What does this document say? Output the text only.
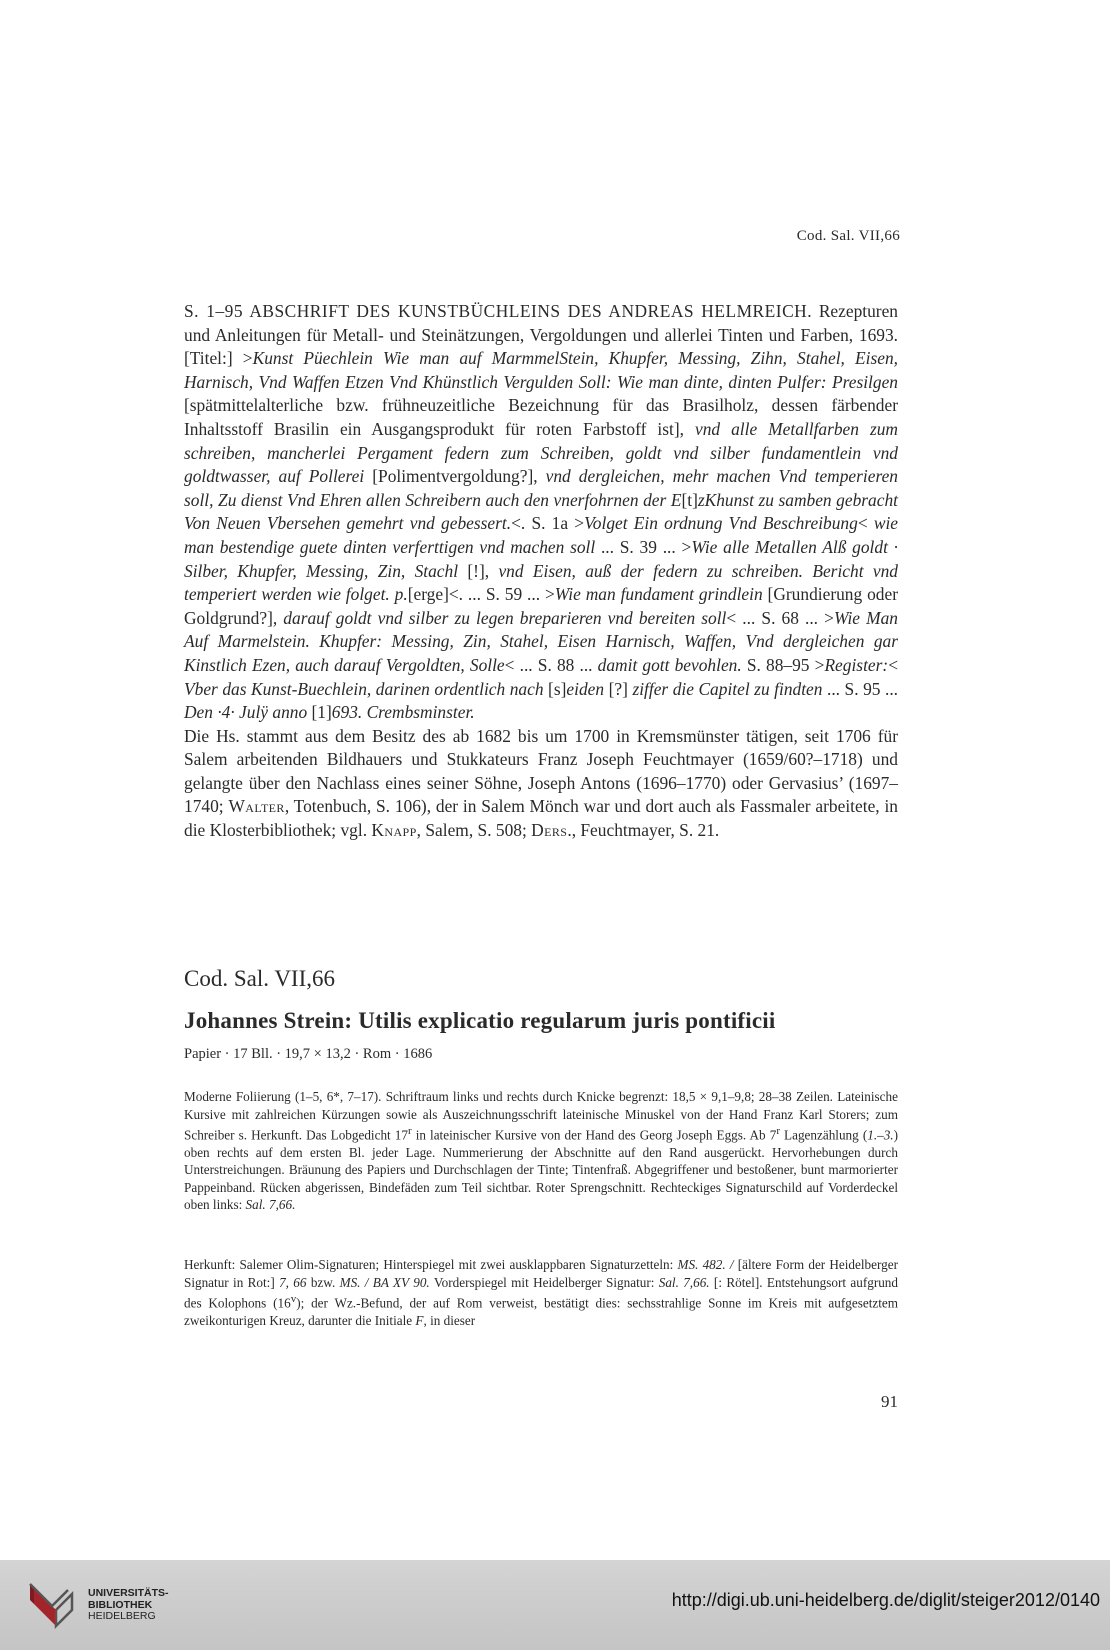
Cod. Sal. VII,66

S. 1–95 ABSCHRIFT DES KUNSTBÜCHLEINS DES ANDREAS HELMREICH. Rezepturen und Anleitungen für Metall- und Steinätzungen, Vergoldungen und allerlei Tinten und Farben, 1693. [Titel:] >Kunst Püechlein Wie man auf MarmmelStein, Khupfer, Messing, Zihn, Stahel, Eisen, Harnisch, Vnd Waffen Etzen Vnd Khünstlich Vergulden Soll: Wie man dinte, dinten Pulfer: Presilgen [spätmittelalterliche bzw. frühneuzeitliche Bezeichnung für das Brasilholz, dessen färbender Inhaltsstoff Brasilin ein Ausgangsprodukt für roten Farbstoff ist], vnd alle Metallfarben zum schreiben, mancherlei Pergament federn zum Schreiben, goldt vnd silber fundamentlein vnd goldtwasser, auf Pollerei [Polimentvergoldung?], vnd dergleichen, mehr machen Vnd temperieren soll, Zu dienst Vnd Ehren allen Schreibern auch den vnerfohrnen der E[t]zKhunst zu samben gebracht Von Neuen Vbersehen gemehrt vnd gebessert.<. S. 1a >Volget Ein ordnung Vnd Beschreibung< wie man bestendige guete dinten verferttigen vnd machen soll ... S. 39 ... >Wie alle Metallen Alß goldt · Silber, Khupfer, Messing, Zin, Stachl [!], vnd Eisen, auß der federn zu schreiben. Bericht vnd temperiert werden wie folget. p.[erge]<. ... S. 59 ... >Wie man fundament grindlein [Grundierung oder Goldgrund?], darauf goldt vnd silber zu legen breparieren vnd bereiten soll< ... S. 68 ... >Wie Man Auf Marmelstein. Khupfer: Messing, Zin, Stahel, Eisen Harnisch, Waffen, Vnd dergleichen gar Kinstlich Ezen, auch darauf Vergoldten, Solle< ... S. 88 ... damit gott bevohlen. S. 88–95 >Register:< Vber das Kunst-Buechlein, darinen ordentlich nach [s]eiden [?] ziffer die Capitel zu findten ... S. 95 ... Den ·4· Julÿ anno [1]693. Crembsminster.

Die Hs. stammt aus dem Besitz des ab 1682 bis um 1700 in Kremsmünster tätigen, seit 1706 für Salem arbeitenden Bildhauers und Stukkateurs Franz Joseph Feuchtmayer (1659/60?–1718) und gelangte über den Nachlass eines seiner Söhne, Joseph Antons (1696–1770) oder Gervasius’ (1697–1740; Walter, Totenbuch, S. 106), der in Salem Mönch war und dort auch als Fassmaler arbeitete, in die Klosterbibliothek; vgl. Knapp, Salem, S. 508; Ders., Feuchtmayer, S. 21.

Cod. Sal. VII,66
Johannes Strein: Utilis explicatio regularum juris pontificii
Papier · 17 Bll. · 19,7 × 13,2 · Rom · 1686

Moderne Foliierung (1–5, 6*, 7–17). Schriftraum links und rechts durch Knicke begrenzt: 18,5 × 9,1–9,8; 28–38 Zeilen. Lateinische Kursive mit zahlreichen Kürzungen sowie als Auszeichnungsschrift lateinische Minuskel von der Hand Franz Karl Storers; zum Schreiber s. Herkunft. Das Lobgedicht 17$^r$ in lateinischer Kursive von der Hand des Georg Joseph Eggs. Ab 7$^r$ Lagenzählung (1.–3.) oben rechts auf dem ersten Bl. jeder Lage. Nummerierung der Abschnitte auf den Rand ausgerückt. Hervorhebungen durch Unterstreichungen. Bräunung des Papiers und Durchschlagen der Tinte; Tintenfraß. Abgegriffener und bestoßener, bunt marmorierter Pappeinband. Rücken abgerissen, Bindefäden zum Teil sichtbar. Roter Sprengschnitt. Rechteckiges Signaturschild auf Vorderdeckel oben links: Sal. 7,66.

Herkunft: Salemer Olim-Signaturen; Hinterspiegel mit zwei ausklappbaren Signaturzetteln: MS. 482. / [ältere Form der Heidelberger Signatur in Rot:] 7, 66 bzw. MS. / BA XV 90. Vorderspiegel mit Heidelberger Signatur: Sal. 7,66. [: Rötel]. Entstehungsort aufgrund des Kolophons (16$^v$); der Wz.-Befund, der auf Rom verweist, bestätigt dies: sechsstrahlige Sonne im Kreis mit aufgesetztem zweikonturigen Kreuz, darunter die Initiale F, in dieser

91
UNIVERSITÄTS-
BIBLIOTHEK
HEIDELBERG
http://digi.ub.uni-heidelberg.de/diglit/steiger2012/0140
